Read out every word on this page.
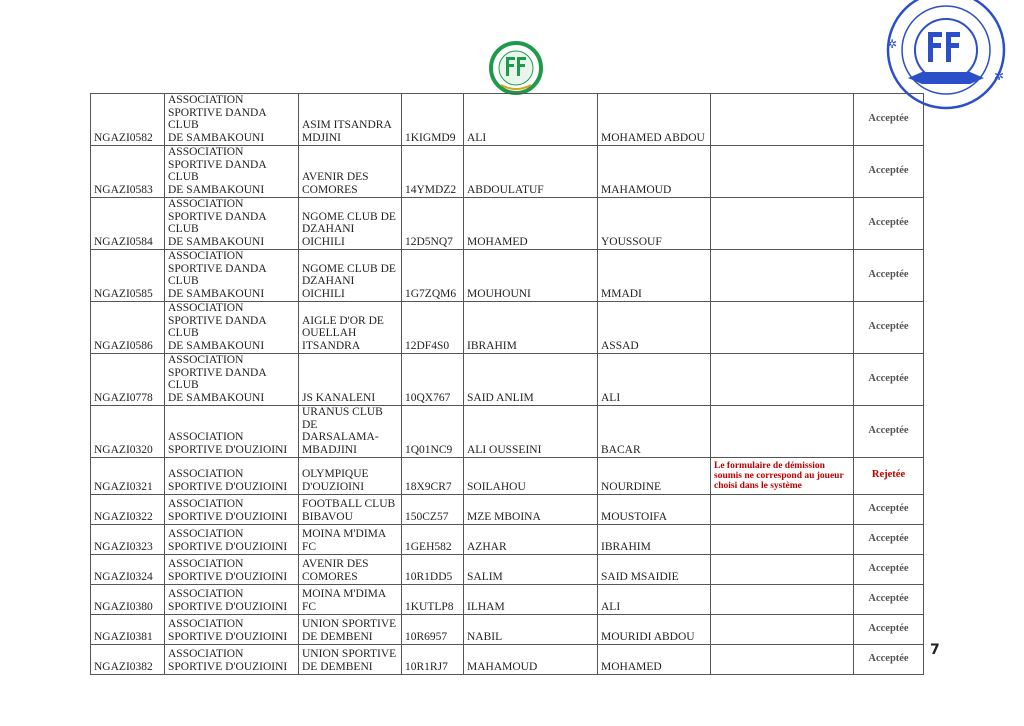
✲
✲
NGAZI0582	ASSOCIATION
SPORTIVE DANDA CLUB
DE SAMBAKOUNI	ASIM ITSANDRA
MDJINI	1KIGMD9	ALI	MOHAMED ABDOU		Acceptée
NGAZI0583	ASSOCIATION
SPORTIVE DANDA CLUB
DE SAMBAKOUNI	AVENIR DES
COMORES	14YMDZ2	ABDOULATUF	MAHAMOUD		Acceptée
NGAZI0584	ASSOCIATION
SPORTIVE DANDA CLUB
DE SAMBAKOUNI	NGOME CLUB DE
DZAHANI OICHILI	12D5NQ7	MOHAMED	YOUSSOUF		Acceptée
NGAZI0585	ASSOCIATION
SPORTIVE DANDA CLUB
DE SAMBAKOUNI	NGOME CLUB DE
DZAHANI OICHILI	1G7ZQM6	MOUHOUNI	MMADI		Acceptée
NGAZI0586	ASSOCIATION
SPORTIVE DANDA CLUB
DE SAMBAKOUNI	AIGLE D'OR DE
OUELLAH
ITSANDRA	12DF4S0	IBRAHIM	ASSAD		Acceptée
NGAZI0778	ASSOCIATION
SPORTIVE DANDA CLUB
DE SAMBAKOUNI	JS KANALENI	10QX767	SAID ANLIM	ALI		Acceptée
NGAZI0320	ASSOCIATION
SPORTIVE D'OUZIOINI	URANUS CLUB DE
DARSALAMA-
MBADJINI	1Q01NC9	ALI OUSSEINI	BACAR		Acceptée
NGAZI0321	ASSOCIATION
SPORTIVE D'OUZIOINI	OLYMPIQUE
D'OUZIOINI	18X9CR7	SOILAHOU	NOURDINE	Le formulaire de démission soumis ne correspond au joueur choisi dans le système	Rejetée
NGAZI0322	ASSOCIATION
SPORTIVE D'OUZIOINI	FOOTBALL CLUB
BIBAVOU	150CZ57	MZE MBOINA	MOUSTOIFA		Acceptée
NGAZI0323	ASSOCIATION
SPORTIVE D'OUZIOINI	MOINA M'DIMA
FC	1GEH582	AZHAR	IBRAHIM		Acceptée
NGAZI0324	ASSOCIATION
SPORTIVE D'OUZIOINI	AVENIR DES
COMORES	10R1DD5	SALIM	SAID MSAIDIE		Acceptée
NGAZI0380	ASSOCIATION
SPORTIVE D'OUZIOINI	MOINA M'DIMA
FC	1KUTLP8	ILHAM	ALI		Acceptée
NGAZI0381	ASSOCIATION
SPORTIVE D'OUZIOINI	UNION SPORTIVE
DE DEMBENI	10R6957	NABIL	MOURIDI ABDOU		Acceptée
NGAZI0382	ASSOCIATION
SPORTIVE D'OUZIOINI	UNION SPORTIVE
DE DEMBENI	10R1RJ7	MAHAMOUD	MOHAMED		Acceptée
7
